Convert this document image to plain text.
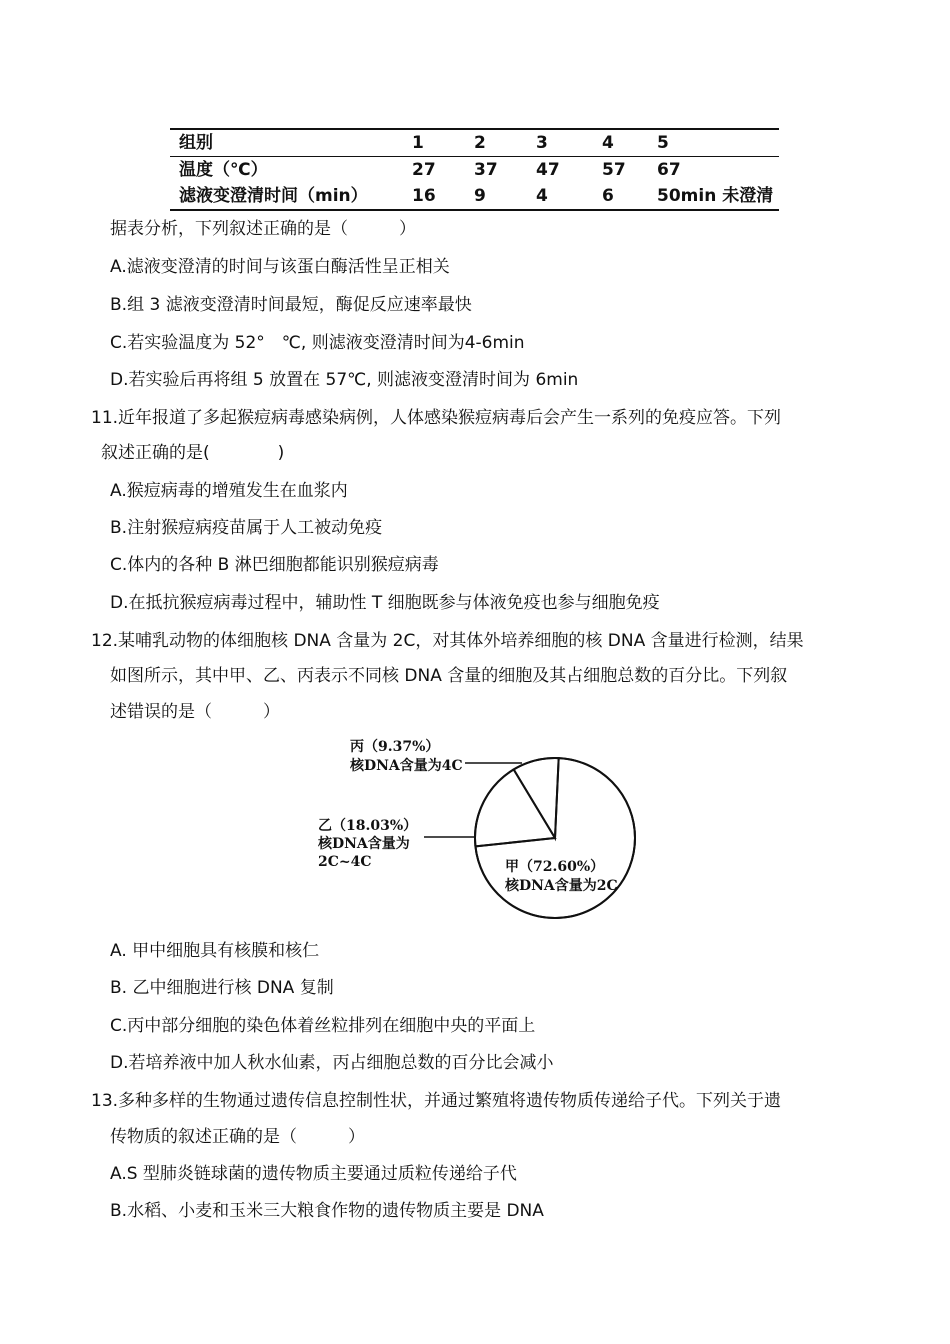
组别	1	2	3	4	5
温度（℃）	27	37	47	57	67
滤液变澄清时间（min）	16	9	4	6	50min 未澄清
据表分析，下列叙述正确的是（　　　）
A.滤液变澄清的时间与该蛋白酶活性呈正相关
B.组 3 滤液变澄清时间最短，酶促反应速率最快
C.若实验温度为 52°　℃, 则滤液变澄清时间为4-6min
D.若实验后再将组 5 放置在 57℃, 则滤液变澄清时间为 6min
11.近年报道了多起猴痘病毒感染病例，人体感染猴痘病毒后会产生一系列的免疫应答。下列
叙述正确的是(　　　　)
A.猴痘病毒的增殖发生在血浆内
B.注射猴痘病疫苗属于人工被动免疫
C.体内的各种 B 淋巴细胞都能识别猴痘病毒
D.在抵抗猴痘病毒过程中，辅助性 T 细胞既参与体液免疫也参与细胞免疫
12.某哺乳动物的体细胞核 DNA 含量为 2C，对其体外培养细胞的核 DNA 含量进行检测，结果
如图所示，其中甲、乙、丙表示不同核 DNA 含量的细胞及其占细胞总数的百分比。下列叙
述错误的是（　　　）
丙（9.37%）
核DNA含量为4C
乙（18.03%）
核DNA含量为
2C~4C	甲（72.60%）
核DNA含量为2C
A. 甲中细胞具有核膜和核仁
B. 乙中细胞进行核 DNA 复制
C.丙中部分细胞的染色体着丝粒排列在细胞中央的平面上
D.若培养液中加人秋水仙素，丙占细胞总数的百分比会减小
13.多种多样的生物通过遗传信息控制性状，并通过繁殖将遗传物质传递给子代。下列关于遗
传物质的叙述正确的是（　　　）
A.S 型肺炎链球菌的遗传物质主要通过质粒传递给子代
B.水稻、小麦和玉米三大粮食作物的遗传物质主要是 DNA
